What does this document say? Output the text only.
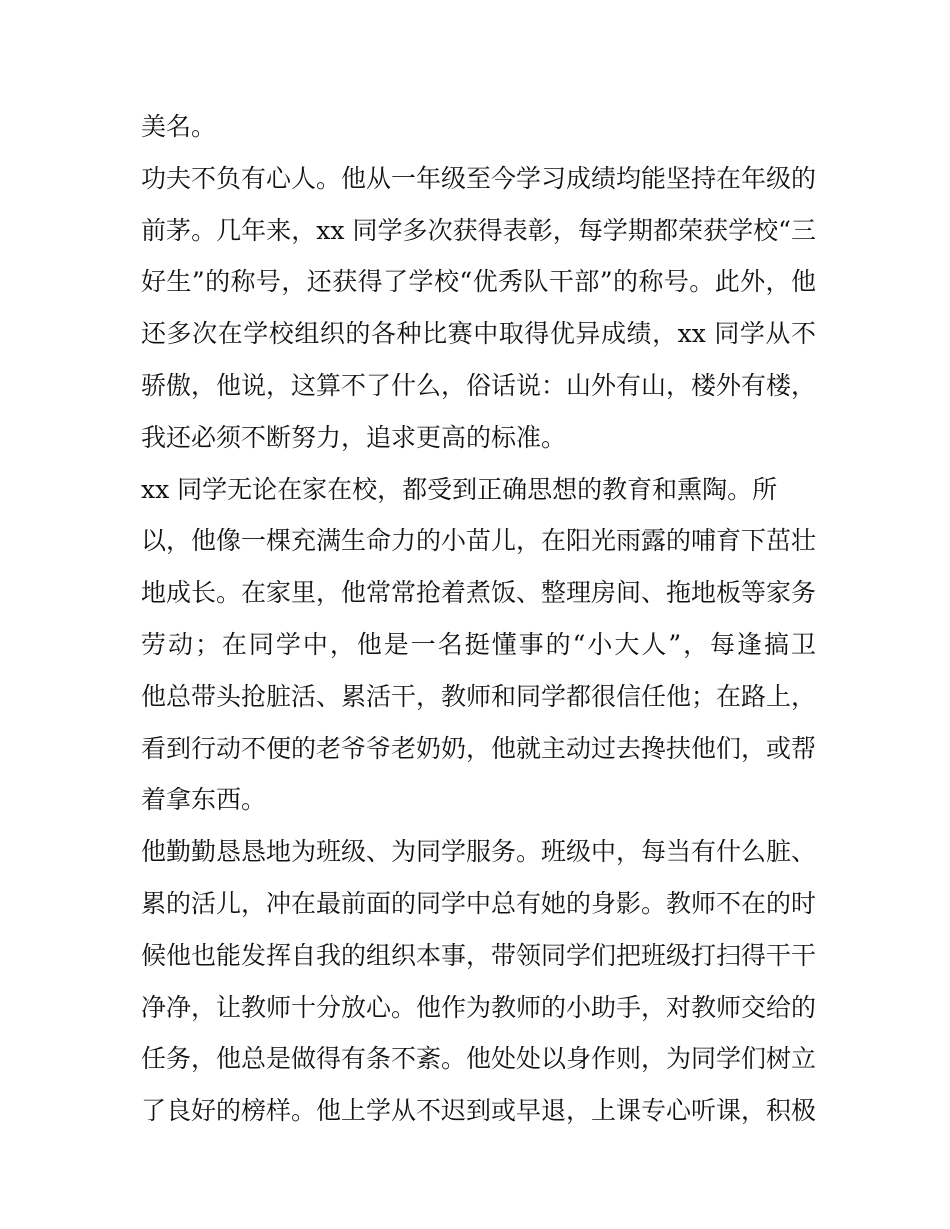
美名。
功夫不负有心人。他从一年级至今学习成绩均能坚持在年级的
前茅。几年来，xx 同学多次获得表彰，每学期都荣获学校“三
好生”的称号，还获得了学校“优秀队干部”的称号。此外，他
还多次在学校组织的各种比赛中取得优异成绩，xx 同学从不
骄傲，他说，这算不了什么，俗话说：山外有山，楼外有楼，
我还必须不断努力，追求更高的标准。
xx 同学无论在家在校，都受到正确思想的教育和熏陶。所
以，他像一棵充满生命力的小苗儿，在阳光雨露的哺育下茁壮
地成长。在家里，他常常抢着煮饭、整理房间、拖地板等家务
劳动；在同学中，他是一名挺懂事的“小大人”，每逢搞卫
他总带头抢脏活、累活干，教师和同学都很信任他；在路上，
看到行动不便的老爷爷老奶奶，他就主动过去搀扶他们，或帮
着拿东西。
他勤勤恳恳地为班级、为同学服务。班级中，每当有什么脏、
累的活儿，冲在最前面的同学中总有她的身影。教师不在的时
候他也能发挥自我的组织本事，带领同学们把班级打扫得干干
净净，让教师十分放心。他作为教师的小助手，对教师交给的
任务，他总是做得有条不紊。他处处以身作则，为同学们树立
了良好的榜样。他上学从不迟到或早退，上课专心听课，积极
